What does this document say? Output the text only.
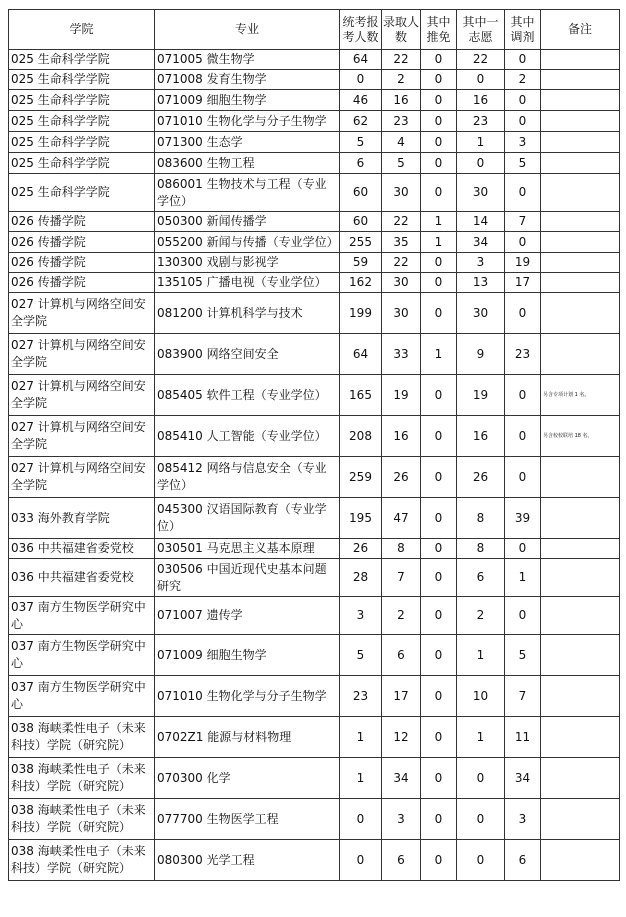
学院	专业	统考报考人数	录取人数	其中推免	其中一志愿	其中调剂	备注
025 生命科学学院	071005 微生物学	64	22	0	22	0	
025 生命科学学院	071008 发育生物学	0	2	0	0	2	
025 生命科学学院	071009 细胞生物学	46	16	0	16	0	
025 生命科学学院	071010 生物化学与分子生物学	62	23	0	23	0	
025 生命科学学院	071300 生态学	5	4	0	1	3	
025 生命科学学院	083600 生物工程	6	5	0	0	5	
025 生命科学学院	086001 生物技术与工程（专业学位）	60	30	0	30	0	
026 传播学院	050300 新闻传播学	60	22	1	14	7	
026 传播学院	055200 新闻与传播（专业学位）	255	35	1	34	0	
026 传播学院	130300 戏剧与影视学	59	22	0	3	19	
026 传播学院	135105 广播电视（专业学位）	162	30	0	13	17	
027 计算机与网络空间安全学院	081200 计算机科学与技术	199	30	0	30	0	
027 计算机与网络空间安全学院	083900 网络空间安全	64	33	1	9	23	
027 计算机与网络空间安全学院	085405 软件工程（专业学位）	165	19	0	19	0	另含专项计划 1 名。
027 计算机与网络空间安全学院	085410 人工智能（专业学位）	208	16	0	16	0	另含校校联培 18 名。
027 计算机与网络空间安全学院	085412 网络与信息安全（专业学位）	259	26	0	26	0	
033 海外教育学院	045300 汉语国际教育（专业学位）	195	47	0	8	39	
036 中共福建省委党校	030501 马克思主义基本原理	26	8	0	8	0	
036 中共福建省委党校	030506 中国近现代史基本问题研究	28	7	0	6	1	
037 南方生物医学研究中心	071007 遗传学	3	2	0	2	0	
037 南方生物医学研究中心	071009 细胞生物学	5	6	0	1	5	
037 南方生物医学研究中心	071010 生物化学与分子生物学	23	17	0	10	7	
038 海峡柔性电子（未来科技）学院（研究院）	0702Z1 能源与材料物理	1	12	0	1	11	
038 海峡柔性电子（未来科技）学院（研究院）	070300 化学	1	34	0	0	34	
038 海峡柔性电子（未来科技）学院（研究院）	077700 生物医学工程	0	3	0	0	3	
038 海峡柔性电子（未来科技）学院（研究院）	080300 光学工程	0	6	0	0	6	
